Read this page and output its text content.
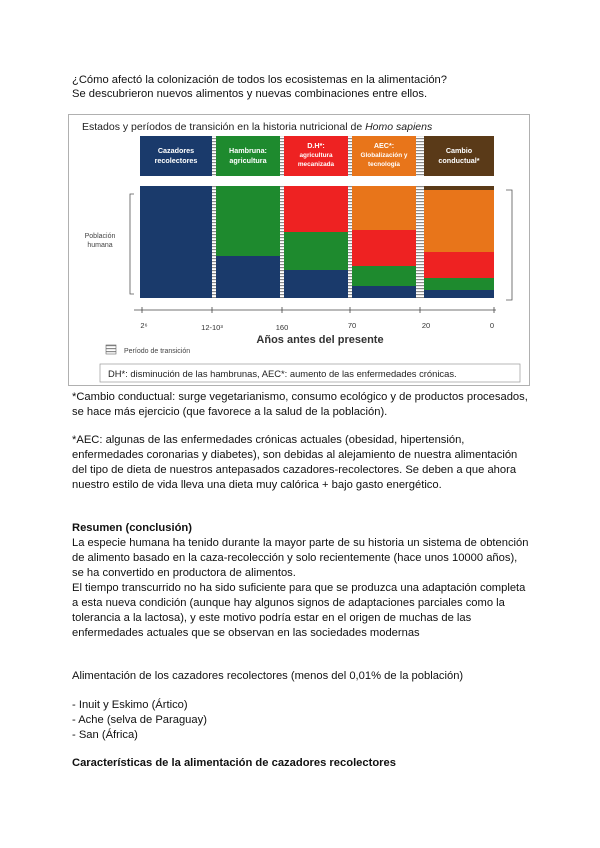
¿Cómo afectó la colonización de todos los ecosistemas en la alimentación?

Se descubrieron nuevos alimentos y nuevas combinaciones entre ellos.

Estados y períodos de transición en la historia nutricional de Homo sapiens
Cazadores
recolectores
Hambruna:
agricultura
D.H*:
agricultura
mecanizada
AEC*:
Globalización y
tecnología
Cambio
conductual*
Población
humana
2⁶	12-10³	160	70	20	0
Años antes del presente
Período de transición
DH*: disminución de las hambrunas, AEC*: aumento de las enfermedades crónicas.

*Cambio conductual: surge vegetarianismo, consumo ecológico y de productos procesados,

se hace más ejercicio (que favorece a la salud de la población).

*AEC: algunas de las enfermedades crónicas actuales (obesidad, hipertensión,

enfermedades coronarias y diabetes), son debidas al alejamiento de nuestra alimentación

del tipo de dieta de nuestros antepasados cazadores-recolectores. Se deben a que ahora

nuestro estilo de vida lleva una dieta muy calórica + bajo gasto energético.

Resumen (conclusión)

La especie humana ha tenido durante la mayor parte de su historia un sistema de obtención

de alimento basado en la caza-recolección y solo recientemente (hace unos 10000 años),

se ha convertido en productora de alimentos.

El tiempo transcurrido no ha sido suficiente para que se produzca una adaptación completa

a esta nueva condición (aunque hay algunos signos de adaptaciones parciales como la

tolerancia a la lactosa), y este motivo podría estar en el origen de muchas de las

enfermedades actuales que se observan en las sociedades modernas

Alimentación de los cazadores recolectores (menos del 0,01% de la población)

- Inuit y Eskimo (Ártico)

- Ache (selva de Paraguay)

- San (África)

Características de la alimentación de cazadores recolectores
